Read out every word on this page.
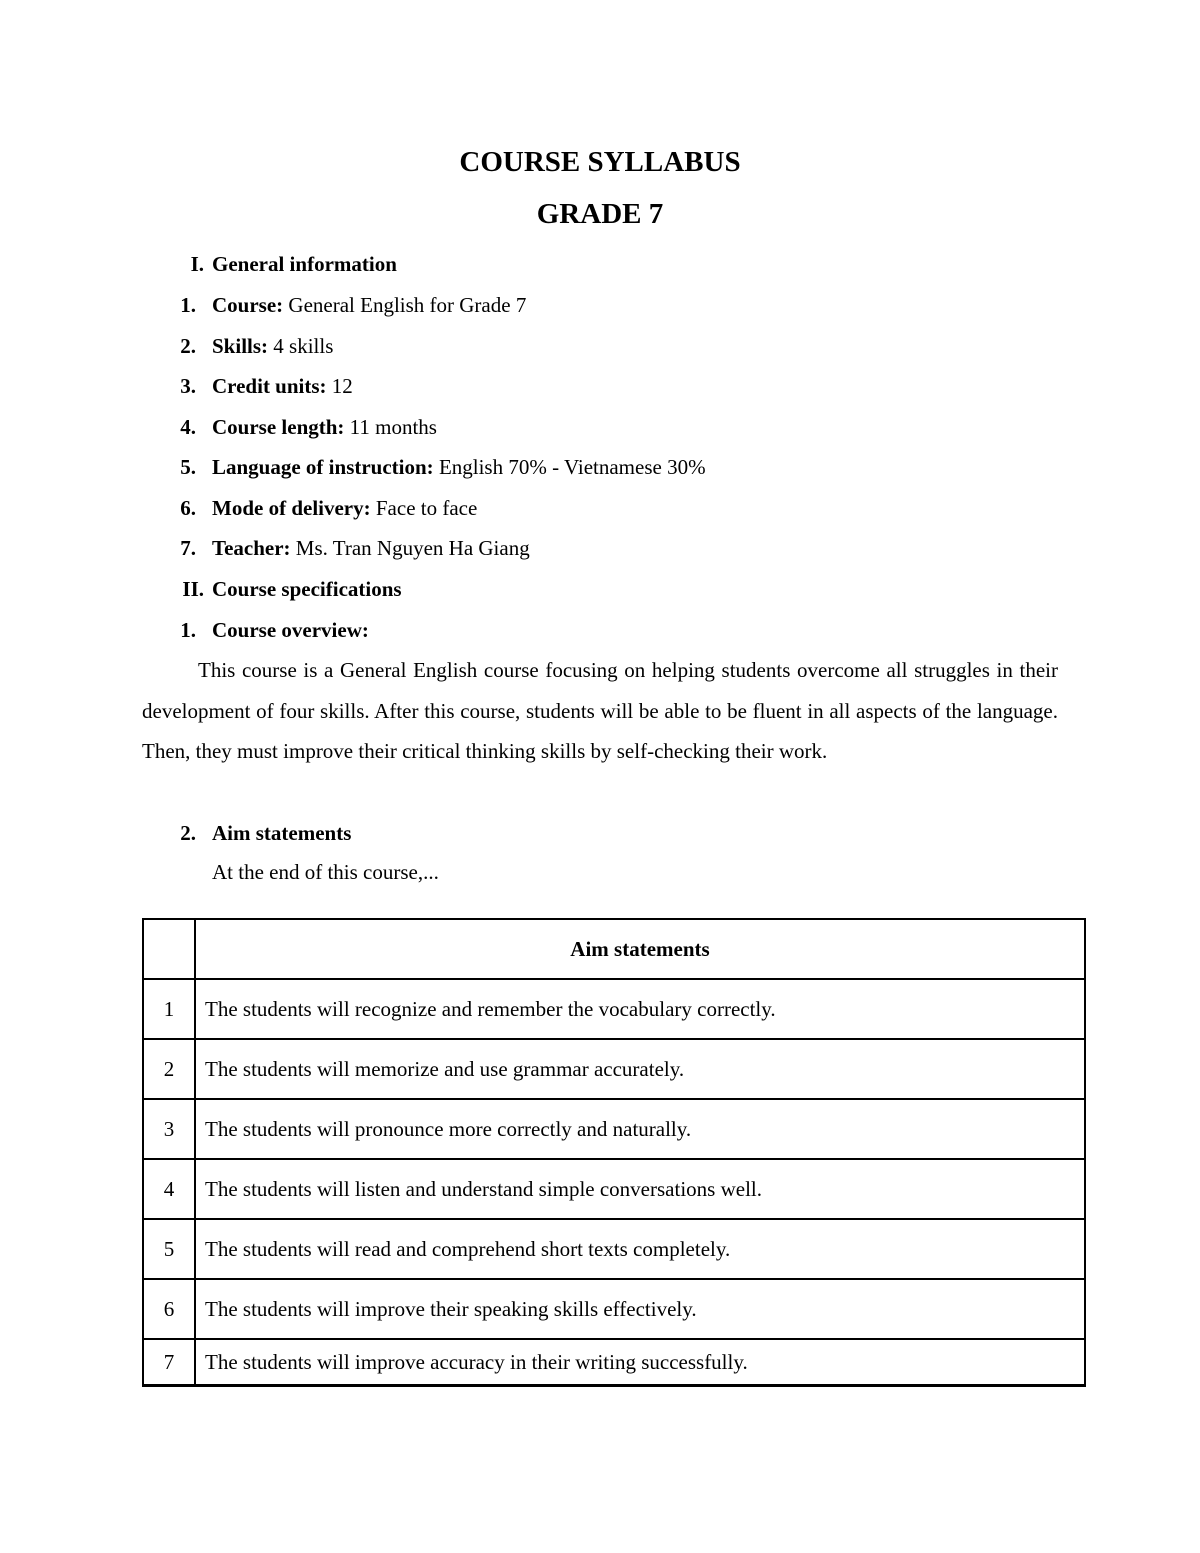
COURSE SYLLABUS
GRADE 7
I. General information
1. Course: General English for Grade 7
2. Skills: 4 skills
3. Credit units: 12
4. Course length: 11 months
5. Language of instruction: English 70% - Vietnamese 30%
6. Mode of delivery: Face to face
7. Teacher: Ms. Tran Nguyen Ha Giang
II. Course specifications
1. Course overview:
This course is a General English course focusing on helping students overcome all struggles in their development of four skills. After this course, students will be able to be fluent in all aspects of the language. Then, they must improve their critical thinking skills by self-checking their work.
2. Aim statements
At the end of this course,...
	Aim statements
1	The students will recognize and remember the vocabulary correctly.
2	The students will memorize and use grammar accurately.
3	The students will pronounce more correctly and naturally.
4	The students will listen and understand simple conversations well.
5	The students will read and comprehend short texts completely.
6	The students will improve their speaking skills effectively.
7	The students will improve accuracy in their writing successfully.
